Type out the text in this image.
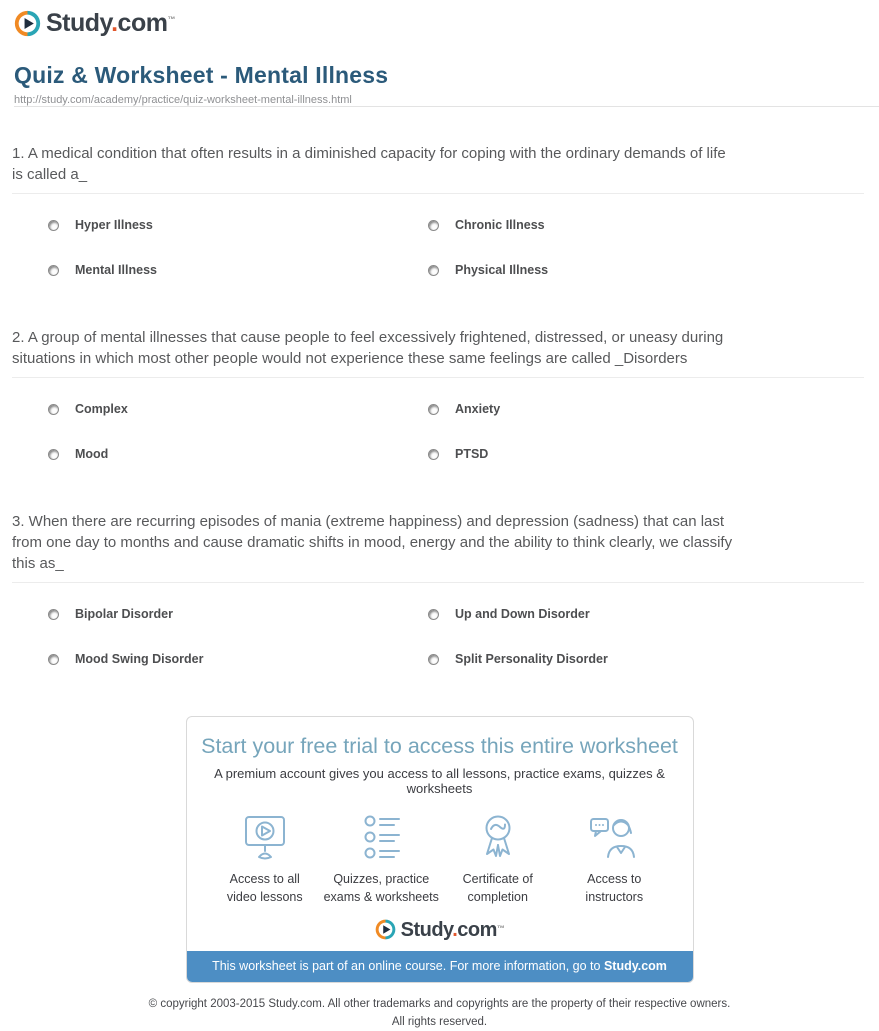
Study.com™
Quiz & Worksheet - Mental Illness
http://study.com/academy/practice/quiz-worksheet-mental-illness.html
1. A medical condition that often results in a diminished capacity for coping with the ordinary demands of life is called a_
Hyper Illness	Chronic Illness
Mental Illness	Physical Illness
2. A group of mental illnesses that cause people to feel excessively frightened, distressed, or uneasy during situations in which most other people would not experience these same feelings are called _Disorders
Complex	Anxiety
Mood	PTSD
3. When there are recurring episodes of mania (extreme happiness) and depression (sadness) that can last from one day to months and cause dramatic shifts in mood, energy and the ability to think clearly, we classify this as_
Bipolar Disorder	Up and Down Disorder
Mood Swing Disorder	Split Personality Disorder
Start your free trial to access this entire worksheet
A premium account gives you access to all lessons, practice exams, quizzes & worksheets
Access to all
video lessons
Quizzes, practice
exams & worksheets
Certificate of
completion
Access to
instructors
Study.com™
This worksheet is part of an online course. For more information, go to Study.com
© copyright 2003-2015 Study.com. All other trademarks and copyrights are the property of their respective owners.
All rights reserved.
